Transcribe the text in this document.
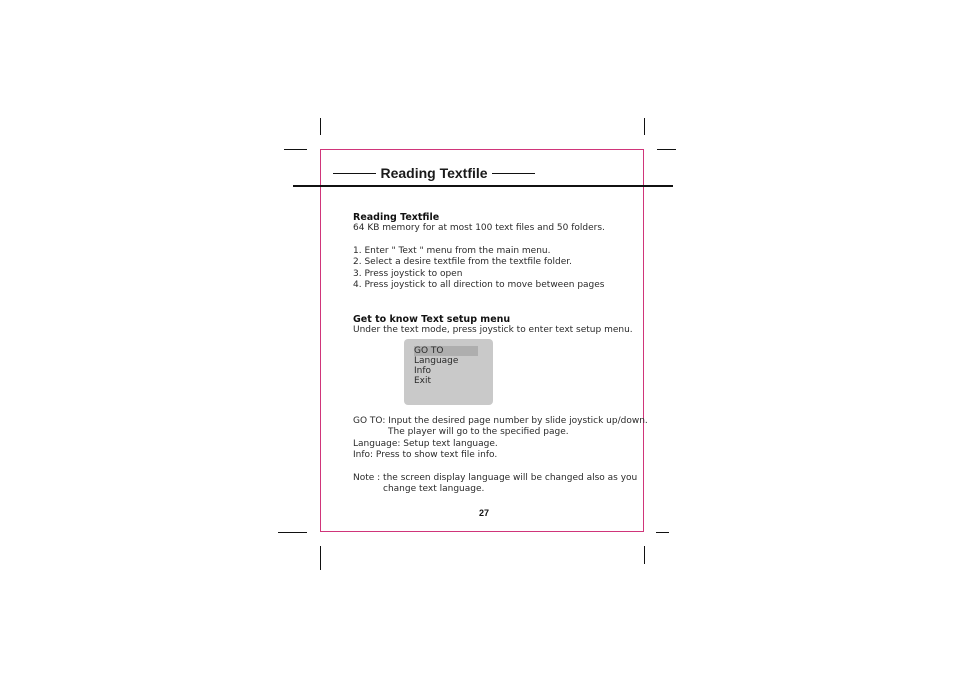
Reading Textfile
Reading Textfile
64 KB memory for at most 100 text files and 50 folders.
1. Enter " Text " menu from the main menu.
2. Select a desire textfile from the textfile folder.
3. Press joystick to open
4. Press joystick to all direction to move between pages
Get to know Text setup menu
Under the text mode, press joystick to enter text setup menu.
GO TO
Language
Info
Exit
GO TO: Input the desired page number by slide joystick up/down.
The player will go to the specified page.
Language: Setup text language.
Info: Press to show text file info.
Note : the screen display language will be changed also as you
change text language.
27
